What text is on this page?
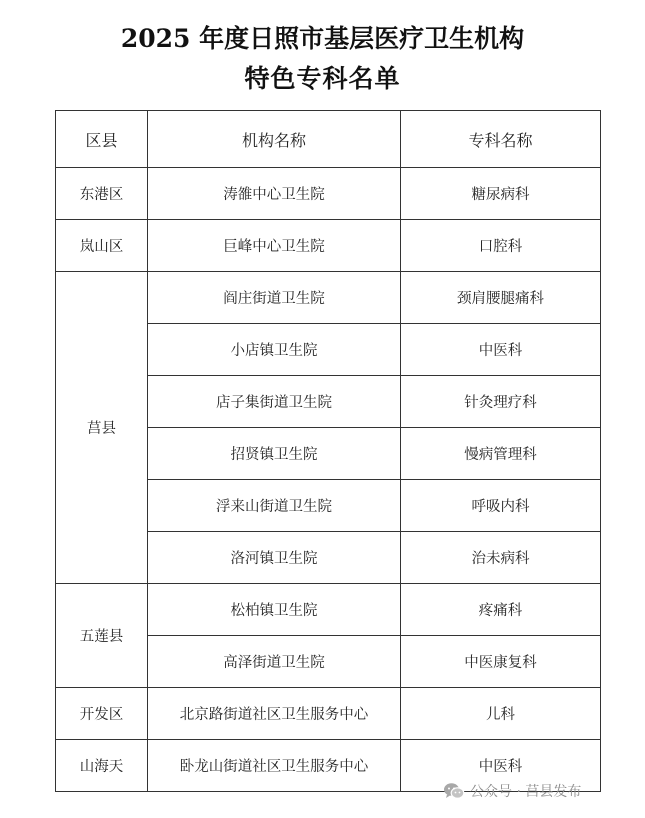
2025 年度日照市基层医疗卫生机构
特色专科名单
区县	机构名称	专科名称
东港区	涛雒中心卫生院	糖尿病科
岚山区	巨峰中心卫生院	口腔科
莒县	阎庄街道卫生院	颈肩腰腿痛科
	小店镇卫生院	中医科
	店子集街道卫生院	针灸理疗科
	招贤镇卫生院	慢病管理科
	浮来山街道卫生院	呼吸内科
	洛河镇卫生院	治未病科
五莲县	松柏镇卫生院	疼痛科
	高泽街道卫生院	中医康复科
开发区	北京路街道社区卫生服务中心	儿科
山海天	卧龙山街道社区卫生服务中心	中医科
公众号 · 莒县发布
